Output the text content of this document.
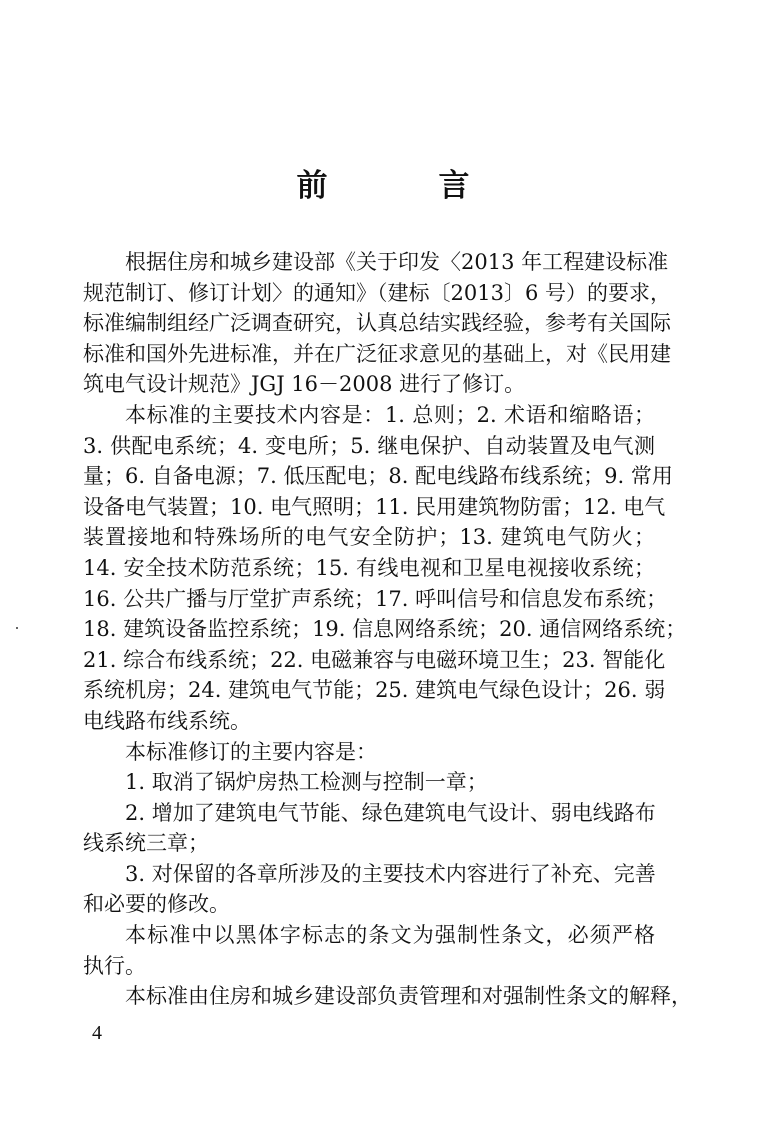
前　言
根据住房和城乡建设部《关于印发〈2013 年工程建设标准
规范制订、修订计划〉的通知》（建标〔2013〕6 号）的要求，
标准编制组经广泛调查研究，认真总结实践经验，参考有关国际
标准和国外先进标准，并在广泛征求意见的基础上，对《民用建
筑电气设计规范》JGJ 16－2008 进行了修订。
本标准的主要技术内容是：1. 总则；2. 术语和缩略语；
3. 供配电系统；4. 变电所；5. 继电保护、自动装置及电气测
量；6. 自备电源；7. 低压配电；8. 配电线路布线系统；9. 常用
设备电气装置；10. 电气照明；11. 民用建筑物防雷；12. 电气
装置接地和特殊场所的电气安全防护；13. 建筑电气防火；
14. 安全技术防范系统；15. 有线电视和卫星电视接收系统；
16. 公共广播与厅堂扩声系统；17. 呼叫信号和信息发布系统；
18. 建筑设备监控系统；19. 信息网络系统；20. 通信网络系统；
21. 综合布线系统；22. 电磁兼容与电磁环境卫生；23. 智能化
系统机房；24. 建筑电气节能；25. 建筑电气绿色设计；26. 弱
电线路布线系统。
本标准修订的主要内容是：
1. 取消了锅炉房热工检测与控制一章；
2. 增加了建筑电气节能、绿色建筑电气设计、弱电线路布
线系统三章；
3. 对保留的各章所涉及的主要技术内容进行了补充、完善
和必要的修改。
本标准中以黑体字标志的条文为强制性条文，必须严格
执行。
本标准由住房和城乡建设部负责管理和对强制性条文的解释，
4
